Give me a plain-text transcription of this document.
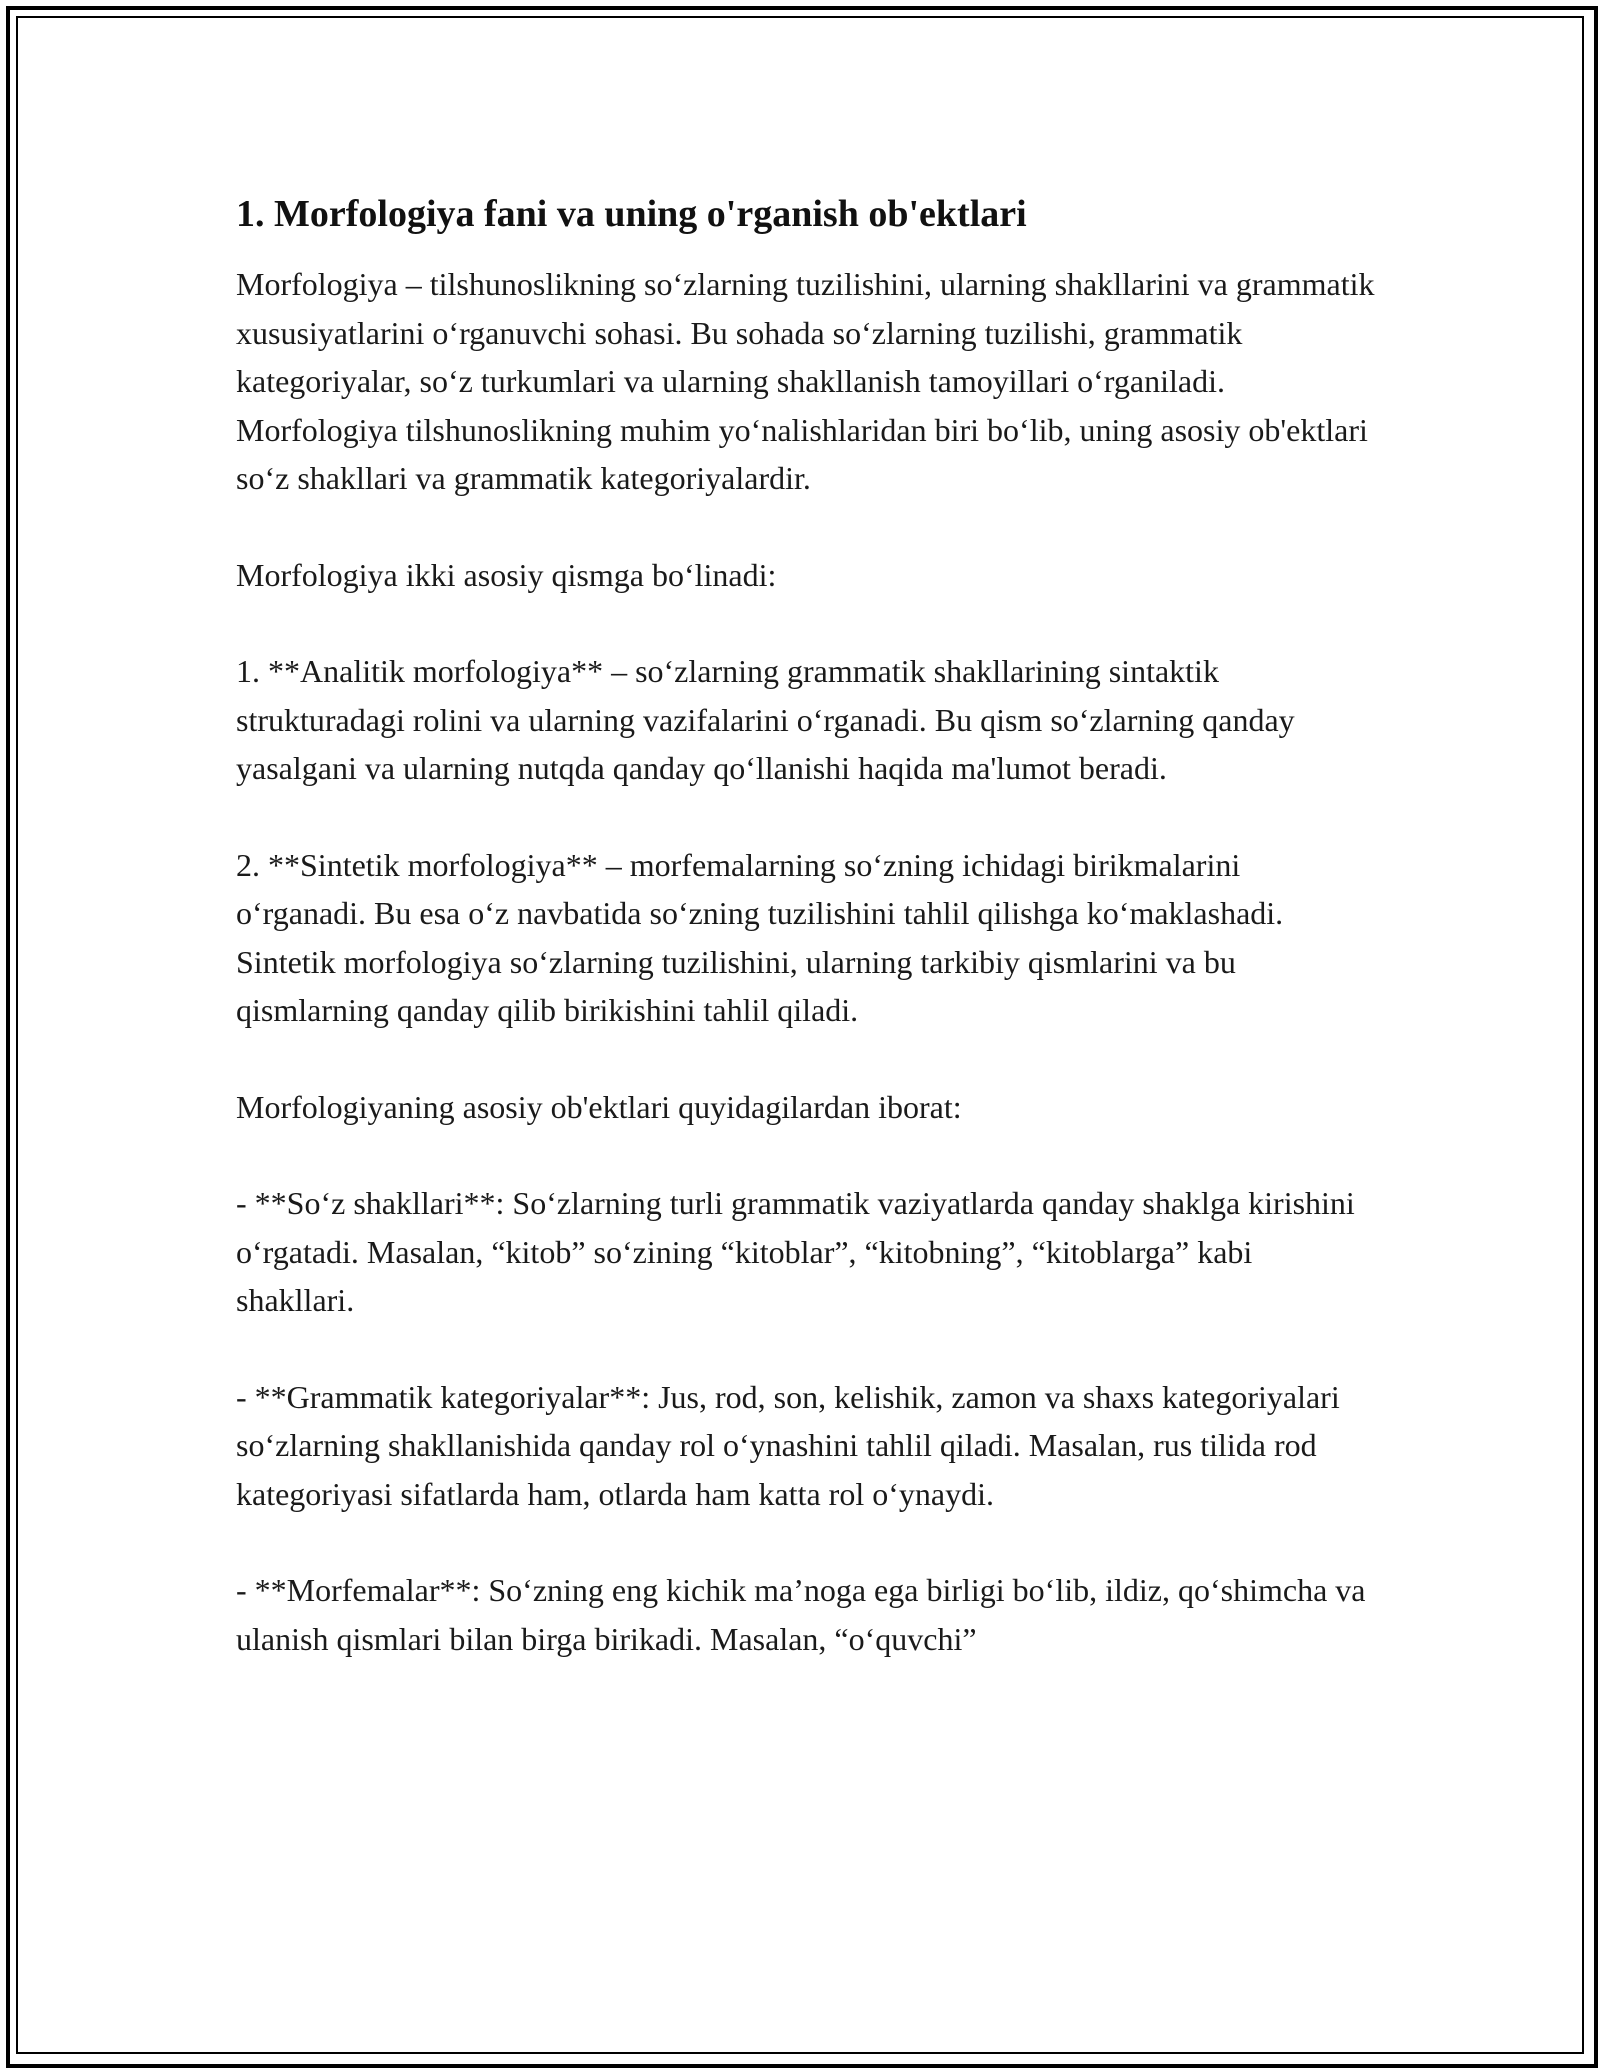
1. Morfologiya fani va uning o'rganish ob'ektlari

Morfologiya – tilshunoslikning so‘zlarning tuzilishini, ularning shakllarini va grammatik xususiyatlarini o‘rganuvchi sohasi. Bu sohada so‘zlarning tuzilishi, grammatik kategoriyalar, so‘z turkumlari va ularning shakllanish tamoyillari o‘rganiladi. Morfologiya tilshunoslikning muhim yo‘nalishlaridan biri bo‘lib, uning asosiy ob'ektlari so‘z shakllari va grammatik kategoriyalardir.

Morfologiya ikki asosiy qismga bo‘linadi:

1. **Analitik morfologiya** – so‘zlarning grammatik shakllarining sintaktik strukturadagi rolini va ularning vazifalarini o‘rganadi. Bu qism so‘zlarning qanday yasalgani va ularning nutqda qanday qo‘llanishi haqida ma'lumot beradi.

2. **Sintetik morfologiya** – morfemalarning so‘zning ichidagi birikmalarini o‘rganadi. Bu esa o‘z navbatida so‘zning tuzilishini tahlil qilishga ko‘maklashadi. Sintetik morfologiya so‘zlarning tuzilishini, ularning tarkibiy qismlarini va bu qismlarning qanday qilib birikishini tahlil qiladi.

Morfologiyaning asosiy ob'ektlari quyidagilardan iborat:

- **So‘z shakllari**: So‘zlarning turli grammatik vaziyatlarda qanday shaklga kirishini o‘rgatadi. Masalan, “kitob” so‘zining “kitoblar”, “kitobning”, “kitoblarga” kabi shakllari.

- **Grammatik kategoriyalar**: Jus, rod, son, kelishik, zamon va shaxs kategoriyalari so‘zlarning shakllanishida qanday rol o‘ynashini tahlil qiladi. Masalan, rus tilida rod kategoriyasi sifatlarda ham, otlarda ham katta rol o‘ynaydi.

- **Morfemalar**: So‘zning eng kichik ma’noga ega birligi bo‘lib, ildiz, qo‘shimcha va ulanish qismlari bilan birga birikadi. Masalan, “o‘quvchi”
